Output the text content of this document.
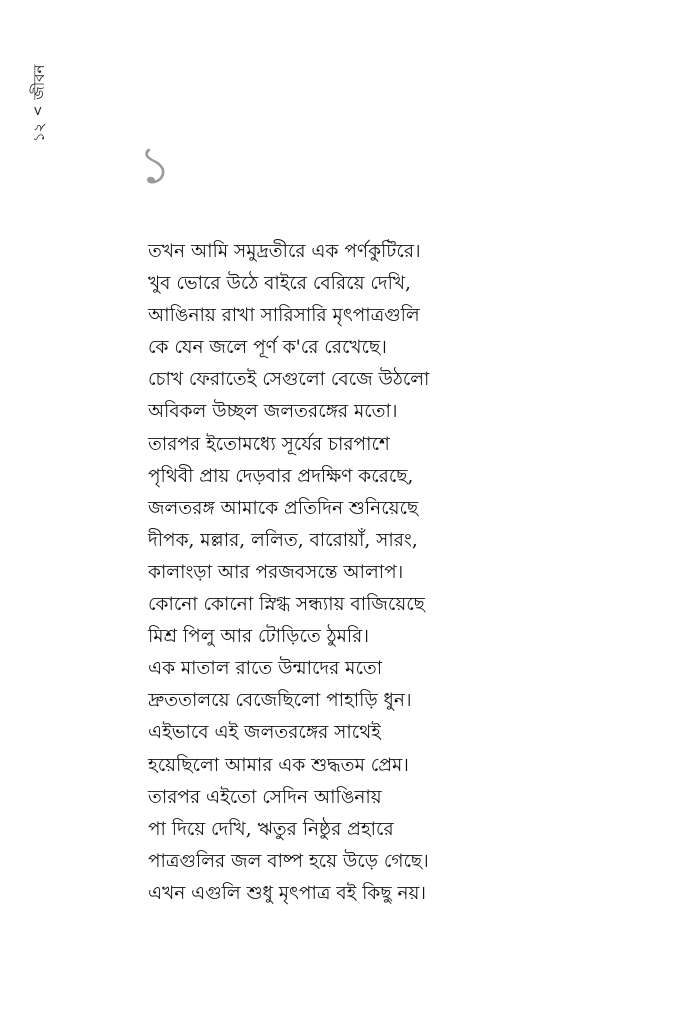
১২
<
জীবন
১
তখন আমি সমুদ্রতীরে এক পর্ণকুটিরে।
খুব ভোরে উঠে বাইরে বেরিয়ে দেখি,
আঙিনায় রাখা সারিসারি মৃৎপাত্রগুলি
কে যেন জলে পূর্ণ ক'রে রেখেছে।
চোখ ফেরাতেই সেগুলো বেজে উঠলো
অবিকল উচ্ছল জলতরঙ্গের মতো।
তারপর ইতোমধ্যে সূর্যের চারপাশে
পৃথিবী প্রায় দেড়বার প্রদক্ষিণ করেছে,
জলতরঙ্গ আমাকে প্রতিদিন শুনিয়েছে
দীপক, মল্লার, ললিত, বারোয়াঁ, সারং,
কালাংড়া আর পরজবসন্তে আলাপ।
কোনো কোনো স্নিগ্ধ সন্ধ্যায় বাজিয়েছে
মিশ্র পিলু আর টোড়িতে ঠুমরি।
এক মাতাল রাতে উন্মাদের মতো
দ্রুততালয়ে বেজেছিলো পাহাড়ি ধুন।
এইভাবে এই জলতরঙ্গের সাথেই
হয়েছিলো আমার এক শুদ্ধতম প্রেম।
তারপর এইতো সেদিন আঙিনায়
পা দিয়ে দেখি, ঋতুর নিষ্ঠুর প্রহারে
পাত্রগুলির জল বাষ্প হয়ে উড়ে গেছে।
এখন এগুলি শুধু মৃৎপাত্র বই কিছু নয়।
